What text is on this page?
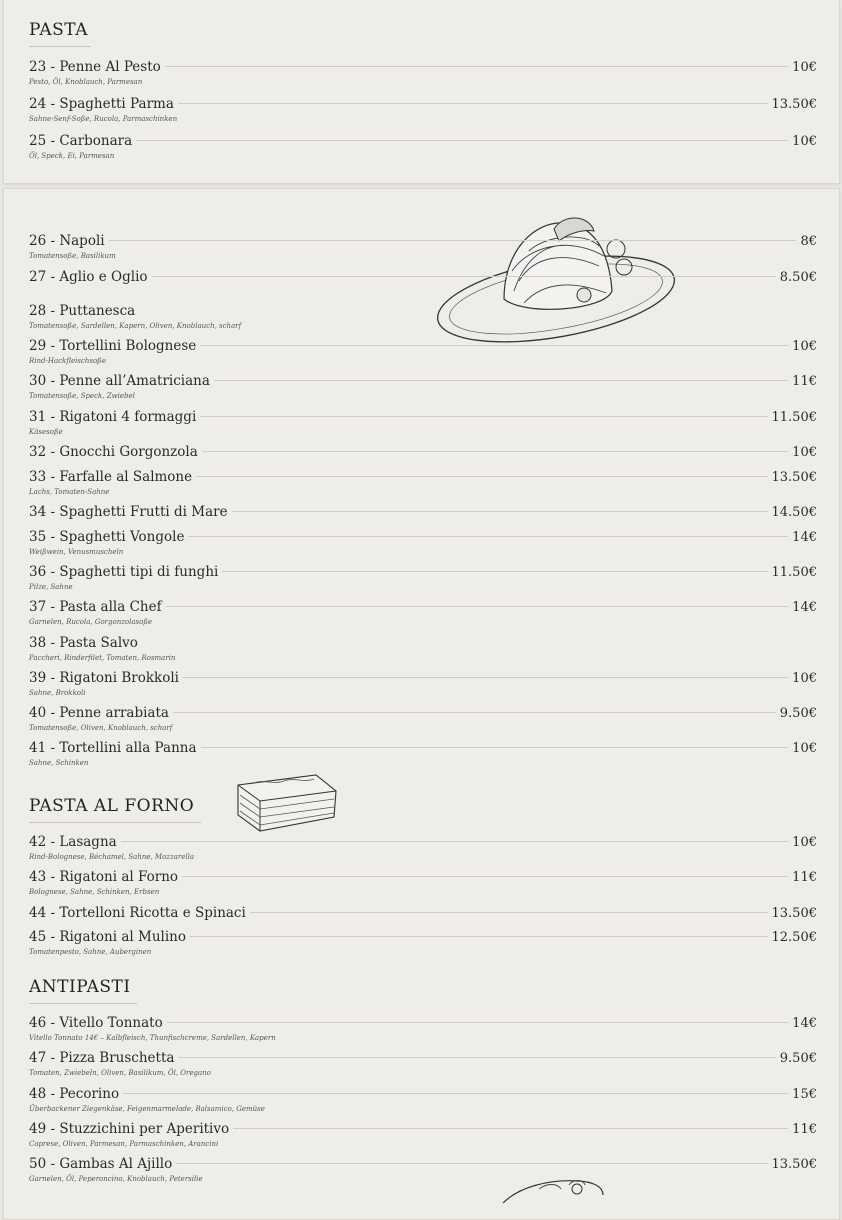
PASTA
23 - Penne Al Pesto	10€
Pesto, Öl, Knoblauch, Parmesan
24 - Spaghetti Parma	13.50€
Sahne-Senf-Soße, Rucola, Parmaschinken
25 - Carbonara	10€
Öl, Speck, Ei, Parmesan
26 - Napoli	8€
Tomatensoße, Basilikum
27 - Aglio e Oglio	8.50€
28 - Puttanesca
Tomatensoße, Sardellen, Kapern, Oliven, Knoblauch, scharf
29 - Tortellini Bolognese	10€
Rind-Hackfleischsoße
30 - Penne all’Amatriciana	11€
Tomatensoße, Speck, Zwiebel
31 - Rigatoni 4 formaggi	11.50€
Käsesoße
32 - Gnocchi Gorgonzola	10€
33 - Farfalle al Salmone	13.50€
Lachs, Tomaten-Sahne
34 - Spaghetti Frutti di Mare	14.50€
35 - Spaghetti Vongole	14€
Weißwein, Venusmuscheln
36 - Spaghetti tipi di funghi	11.50€
Pilze, Sahne
37 - Pasta alla Chef	14€
Garnelen, Rucola, Gorgonzolasoße
38 - Pasta Salvo
Paccheri, Rinderfilet, Tomaten, Rosmarin
39 - Rigatoni Brokkoli	10€
Sahne, Brokkoli
40 - Penne arrabiata	9.50€
Tomatensoße, Oliven, Knoblauch, scharf
41 - Tortellini alla Panna	10€
Sahne, Schinken
PASTA AL FORNO
42 - Lasagna	10€
Rind-Bolognese, Béchamel, Sahne, Mozzarella
43 - Rigatoni al Forno	11€
Bolognese, Sahne, Schinken, Erbsen
44 - Tortelloni Ricotta e Spinaci	13.50€
45 - Rigatoni al Mulino	12.50€
Tomatenpesto, Sahne, Auberginen
ANTIPASTI
46 - Vitello Tonnato	14€
Vitello Tonnato 14€ – Kalbfleisch, Thunfischcreme, Sardellen, Kapern
47 - Pizza Bruschetta	9.50€
Tomaten, Zwiebeln, Oliven, Basilikum, Öl, Oregano
48 - Pecorino	15€
Überbackener Ziegenkäse, Feigenmarmelade, Balsamico, Gemüse
49 - Stuzzichini per Aperitivo	11€
Caprese, Oliven, Parmesan, Parmaschinken, Arancini
50 - Gambas Al Ajillo	13.50€
Garnelen, Öl, Peperoncino, Knoblauch, Petersilie
